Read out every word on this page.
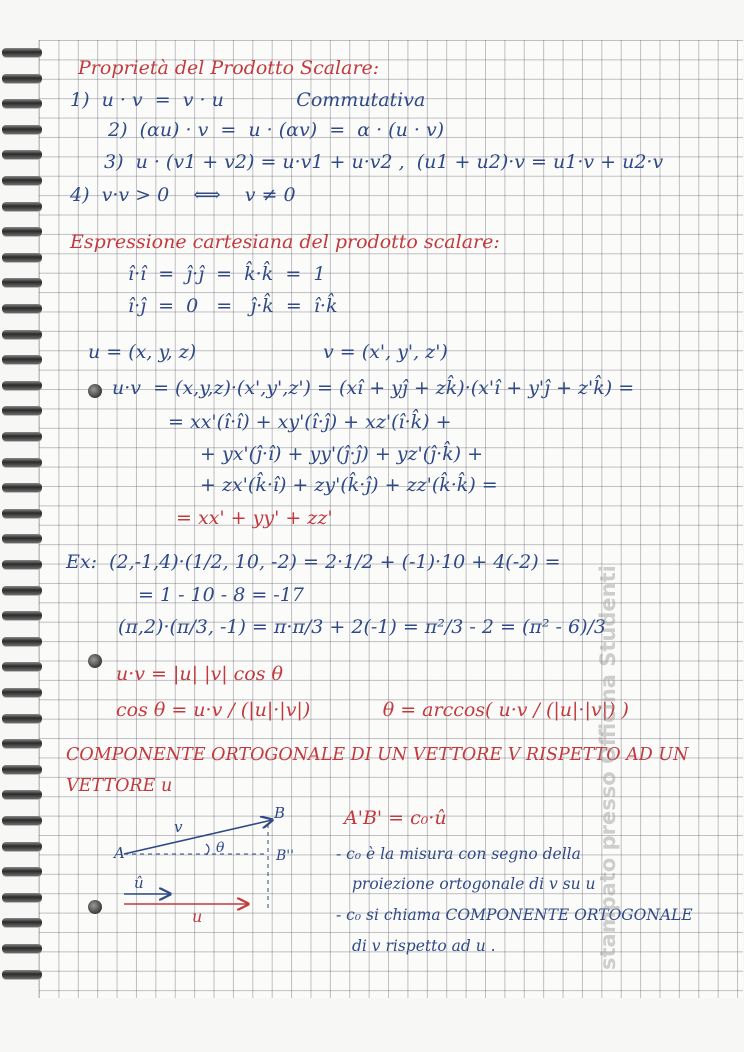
Proprietà del Prodotto Scalare:
1)  u · v  =  v · u            Commutativa
2)  (αu) · v  =  u · (αv)  =  α · (u · v)
3)  u · (v1 + v2) = u·v1 + u·v2 ,  (u1 + u2)·v = u1·v + u2·v
4)  v·v > 0    ⟺    v ≠ 0
Espressione cartesiana del prodotto scalare:
î·î  =  ĵ·ĵ  =  k̂·k̂  =  1
î·ĵ  =  0   =   ĵ·k̂  =  î·k̂
u = (x, y, z)                     v = (x', y', z')
u·v  = (x,y,z)·(x',y',z') = (xî + yĵ + zk̂)·(x'î + y'ĵ + z'k̂) =
= xx'(î·î) + xy'(î·ĵ) + xz'(î·k̂) +
+ yx'(ĵ·î) + yy'(ĵ·ĵ) + yz'(ĵ·k̂) +
+ zx'(k̂·î) + zy'(k̂·ĵ) + zz'(k̂·k̂) =
= xx' + yy' + zz'
Ex:  (2,-1,4)·(1/2, 10, -2) = 2·1/2 + (-1)·10 + 4(-2) =
= 1 - 10 - 8 = -17
(π,2)·(π/3, -1) = π·π/3 + 2(-1) = π²/3 - 2 = (π² - 6)/3
u·v = |u| |v| cos θ
cos θ = u·v / (|u|·|v|)            θ = arccos( u·v / (|u|·|v|) )
COMPONENTE ORTOGONALE DI UN VETTORE V RISPETTO AD UN
VETTORE u
A'B' = c₀·û
- c₀ è la misura con segno della
proiezione ortogonale di v su u
- c₀ si chiama COMPONENTE ORTOGONALE
di v rispetto ad u .
A
B
B''
v
θ
û
u	stampato presso Officina Studenti
